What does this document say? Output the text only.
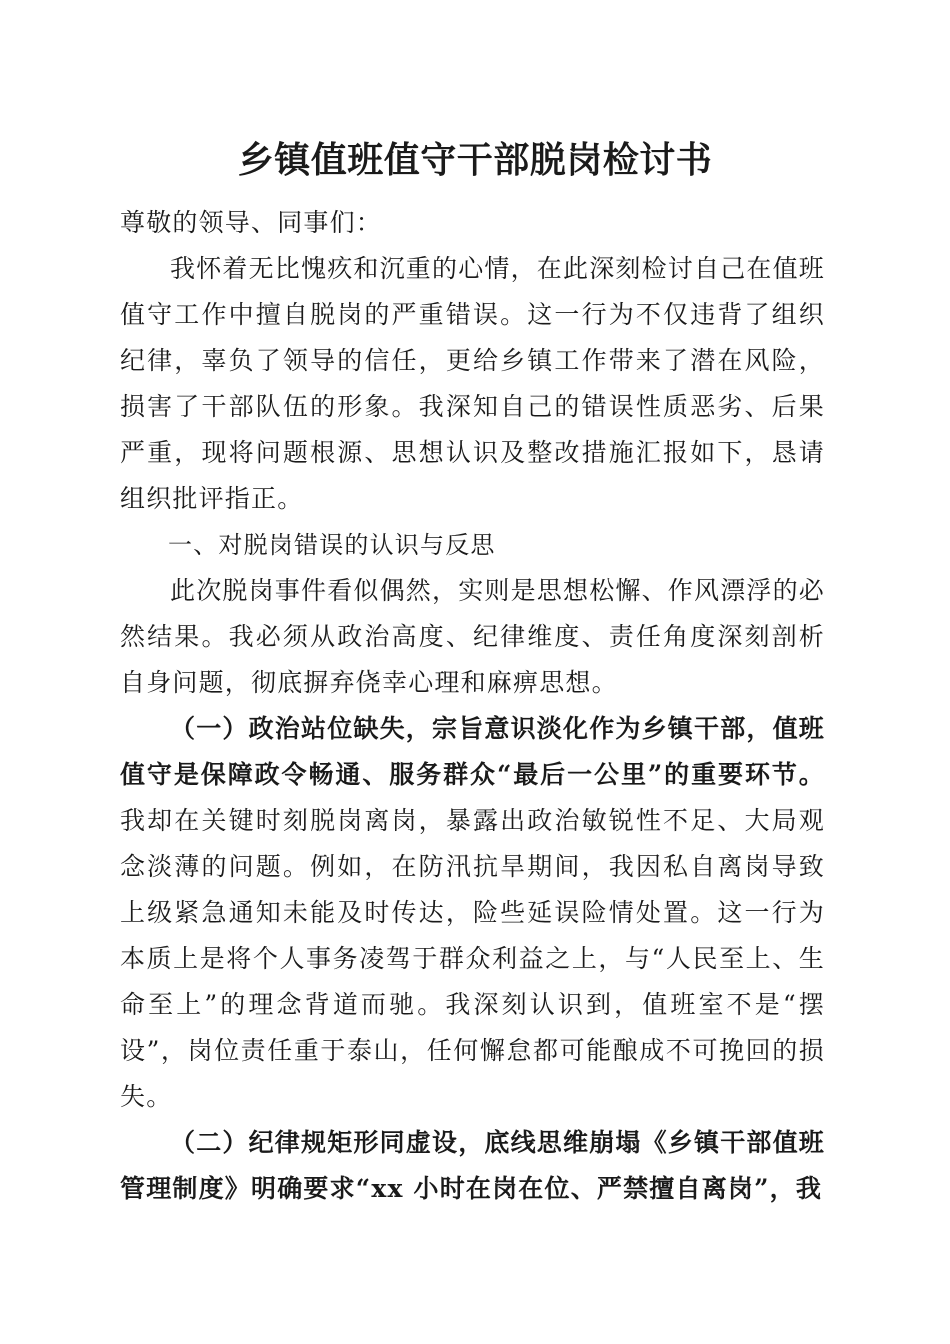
乡镇值班值守干部脱岗检讨书

尊敬的领导、同事们：

我怀着无比愧疚和沉重的心情，在此深刻检讨自己在值班值守工作中擅自脱岗的严重错误。这一行为不仅违背了组织纪律，辜负了领导的信任，更给乡镇工作带来了潜在风险，损害了干部队伍的形象。我深知自己的错误性质恶劣、后果严重，现将问题根源、思想认识及整改措施汇报如下，恳请组织批评指正。

一、对脱岗错误的认识与反思

此次脱岗事件看似偶然，实则是思想松懈、作风漂浮的必然结果。我必须从政治高度、纪律维度、责任角度深刻剖析自身问题，彻底摒弃侥幸心理和麻痹思想。

（一）政治站位缺失，宗旨意识淡化作为乡镇干部，值班值守是保障政令畅通、服务群众“最后一公里”的重要环节。我却在关键时刻脱岗离岗，暴露出政治敏锐性不足、大局观念淡薄的问题。例如，在防汛抗旱期间，我因私自离岗导致上级紧急通知未能及时传达，险些延误险情处置。这一行为本质上是将个人事务凌驾于群众利益之上，与“人民至上、生命至上”的理念背道而驰。我深刻认识到，值班室不是“摆设”，岗位责任重于泰山，任何懈怠都可能酿成不可挽回的损失。

（二）纪律规矩形同虚设，底线思维崩塌《乡镇干部值班管理制度》明确要求“xx 小时在岗在位、严禁擅自离岗”，我
